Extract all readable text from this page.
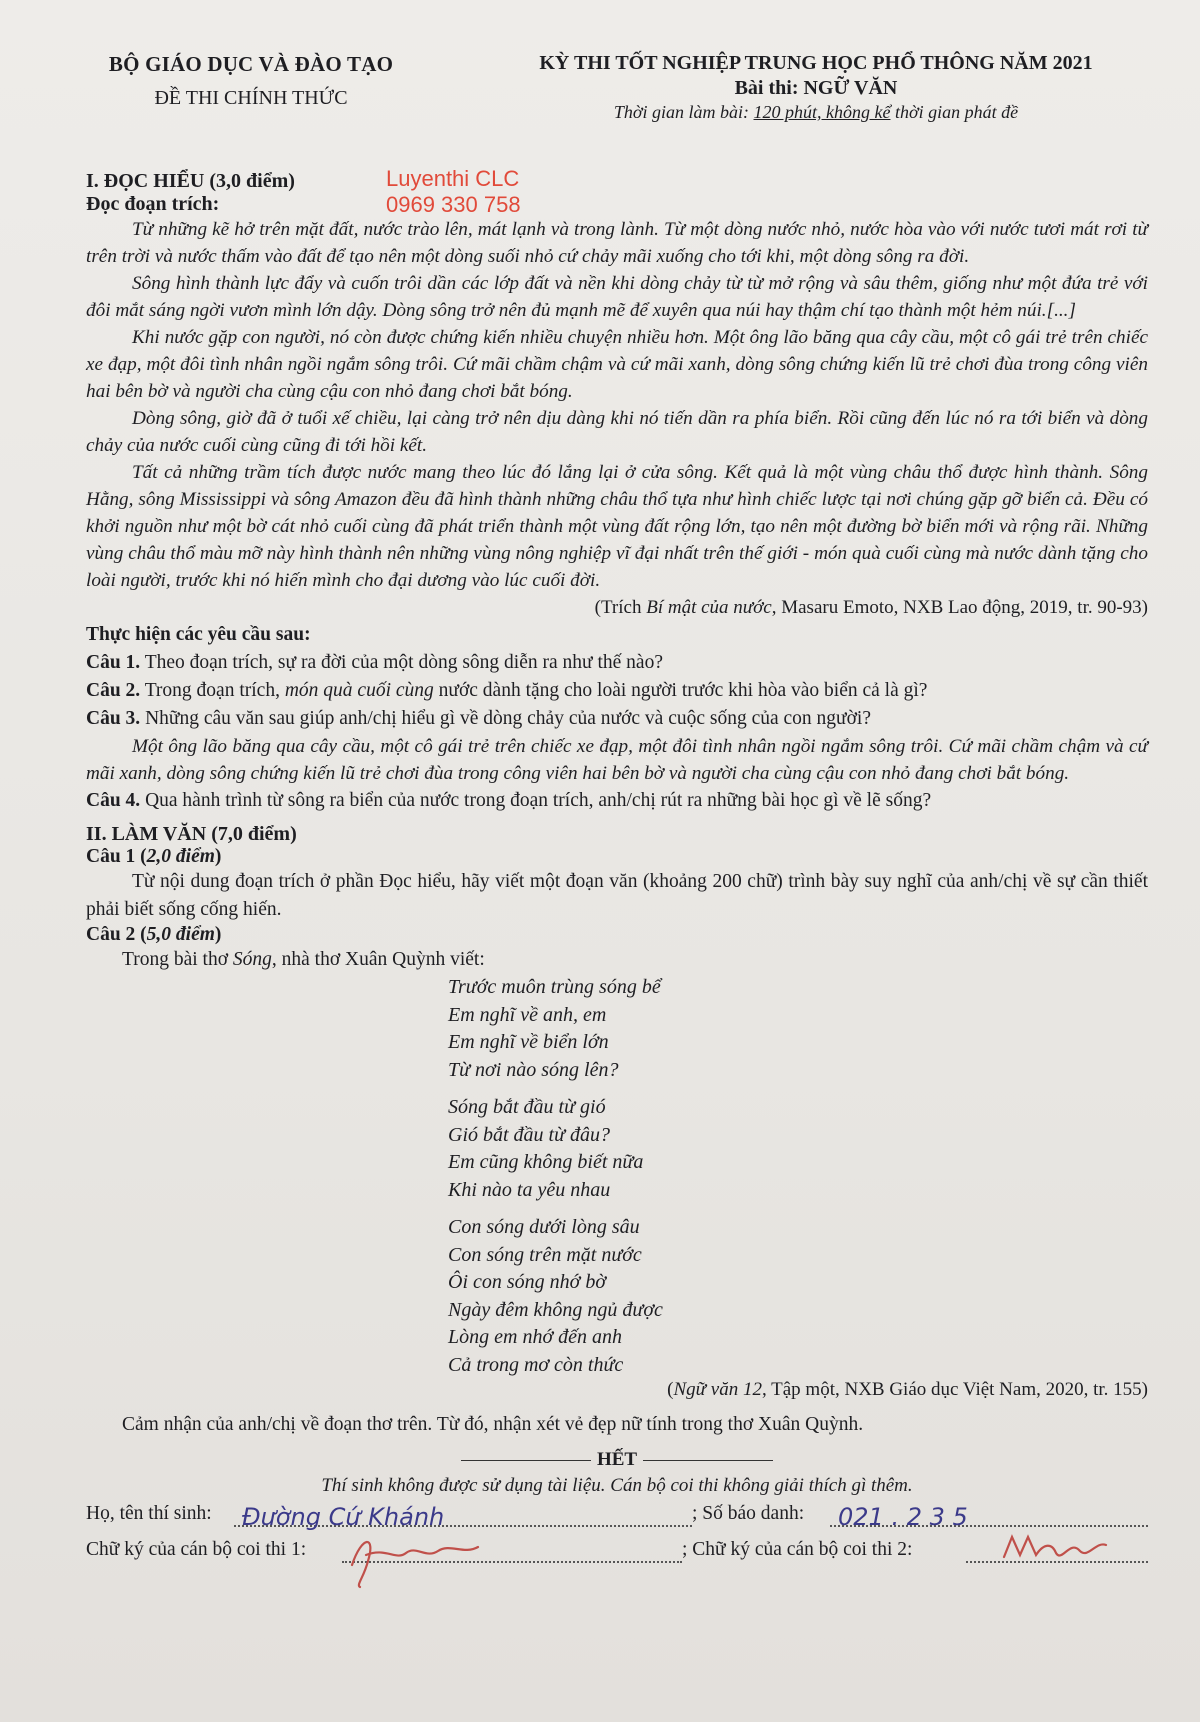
BỘ GIÁO DỤC VÀ ĐÀO TẠO
ĐỀ THI CHÍNH THỨC
KỲ THI TỐT NGHIỆP TRUNG HỌC PHỔ THÔNG NĂM 2021
Bài thi: NGỮ VĂN
Thời gian làm bài: 120 phút, không kể thời gian phát đề
I. ĐỌC HIỂU (3,0 điểm)	Luyenthi CLC
0969 330 758
Đọc đoạn trích:

Từ những kẽ hở trên mặt đất, nước trào lên, mát lạnh và trong lành. Từ một dòng nước nhỏ, nước hòa vào với nước tươi mát rơi từ trên trời và nước thấm vào đất để tạo nên một dòng suối nhỏ cứ chảy mãi xuống cho tới khi, một dòng sông ra đời.

Sông hình thành lực đẩy và cuốn trôi dần các lớp đất và nền khi dòng chảy từ từ mở rộng và sâu thêm, giống như một đứa trẻ với đôi mắt sáng ngời vươn mình lớn dậy. Dòng sông trở nên đủ mạnh mẽ để xuyên qua núi hay thậm chí tạo thành một hẻm núi.[...]

Khi nước gặp con người, nó còn được chứng kiến nhiều chuyện nhiều hơn. Một ông lão băng qua cây cầu, một cô gái trẻ trên chiếc xe đạp, một đôi tình nhân ngồi ngắm sông trôi. Cứ mãi chầm chậm và cứ mãi xanh, dòng sông chứng kiến lũ trẻ chơi đùa trong công viên hai bên bờ và người cha cùng cậu con nhỏ đang chơi bắt bóng.

Dòng sông, giờ đã ở tuổi xế chiều, lại càng trở nên dịu dàng khi nó tiến dần ra phía biển. Rồi cũng đến lúc nó ra tới biển và dòng chảy của nước cuối cùng cũng đi tới hồi kết.

Tất cả những trầm tích được nước mang theo lúc đó lắng lại ở cửa sông. Kết quả là một vùng châu thổ được hình thành. Sông Hằng, sông Mississippi và sông Amazon đều đã hình thành những châu thổ tựa như hình chiếc lược tại nơi chúng gặp gỡ biển cả. Đều có khởi nguồn như một bờ cát nhỏ cuối cùng đã phát triển thành một vùng đất rộng lớn, tạo nên một đường bờ biển mới và rộng rãi. Những vùng châu thổ màu mỡ này hình thành nên những vùng nông nghiệp vĩ đại nhất trên thế giới - món quà cuối cùng mà nước dành tặng cho loài người, trước khi nó hiến mình cho đại dương vào lúc cuối đời.

(Trích Bí mật của nước, Masaru Emoto, NXB Lao động, 2019, tr. 90-93)

Thực hiện các yêu cầu sau:

Câu 1. Theo đoạn trích, sự ra đời của một dòng sông diễn ra như thế nào?

Câu 2. Trong đoạn trích, món quà cuối cùng nước dành tặng cho loài người trước khi hòa vào biển cả là gì?

Câu 3. Những câu văn sau giúp anh/chị hiểu gì về dòng chảy của nước và cuộc sống của con người?

Một ông lão băng qua cây cầu, một cô gái trẻ trên chiếc xe đạp, một đôi tình nhân ngồi ngắm sông trôi. Cứ mãi chầm chậm và cứ mãi xanh, dòng sông chứng kiến lũ trẻ chơi đùa trong công viên hai bên bờ và người cha cùng cậu con nhỏ đang chơi bắt bóng.

Câu 4. Qua hành trình từ sông ra biển của nước trong đoạn trích, anh/chị rút ra những bài học gì về lẽ sống?

II. LÀM VĂN (7,0 điểm)
Câu 1 (2,0 điểm)

Từ nội dung đoạn trích ở phần Đọc hiểu, hãy viết một đoạn văn (khoảng 200 chữ) trình bày suy nghĩ của anh/chị về sự cần thiết phải biết sống cống hiến.

Câu 2 (5,0 điểm)

Trong bài thơ Sóng, nhà thơ Xuân Quỳnh viết:

Trước muôn trùng sóng bể
Em nghĩ về anh, em
Em nghĩ về biển lớn
Từ nơi nào sóng lên?
Sóng bắt đầu từ gió
Gió bắt đầu từ đâu?
Em cũng không biết nữa
Khi nào ta yêu nhau
Con sóng dưới lòng sâu
Con sóng trên mặt nước
Ôi con sóng nhớ bờ
Ngày đêm không ngủ được
Lòng em nhớ đến anh
Cả trong mơ còn thức
(Ngữ văn 12, Tập một, NXB Giáo dục Việt Nam, 2020, tr. 155)
Cảm nhận của anh/chị về đoạn thơ trên. Từ đó, nhận xét vẻ đẹp nữ tính trong thơ Xuân Quỳnh.
HẾT
Thí sinh không được sử dụng tài liệu. Cán bộ coi thi không giải thích gì thêm.
Họ, tên thí sinh: Đường Cứ Khánh	; Số báo danh: 021 . 2 3 5
Chữ ký của cán bộ coi thi 1:	; Chữ ký của cán bộ coi thi 2:
